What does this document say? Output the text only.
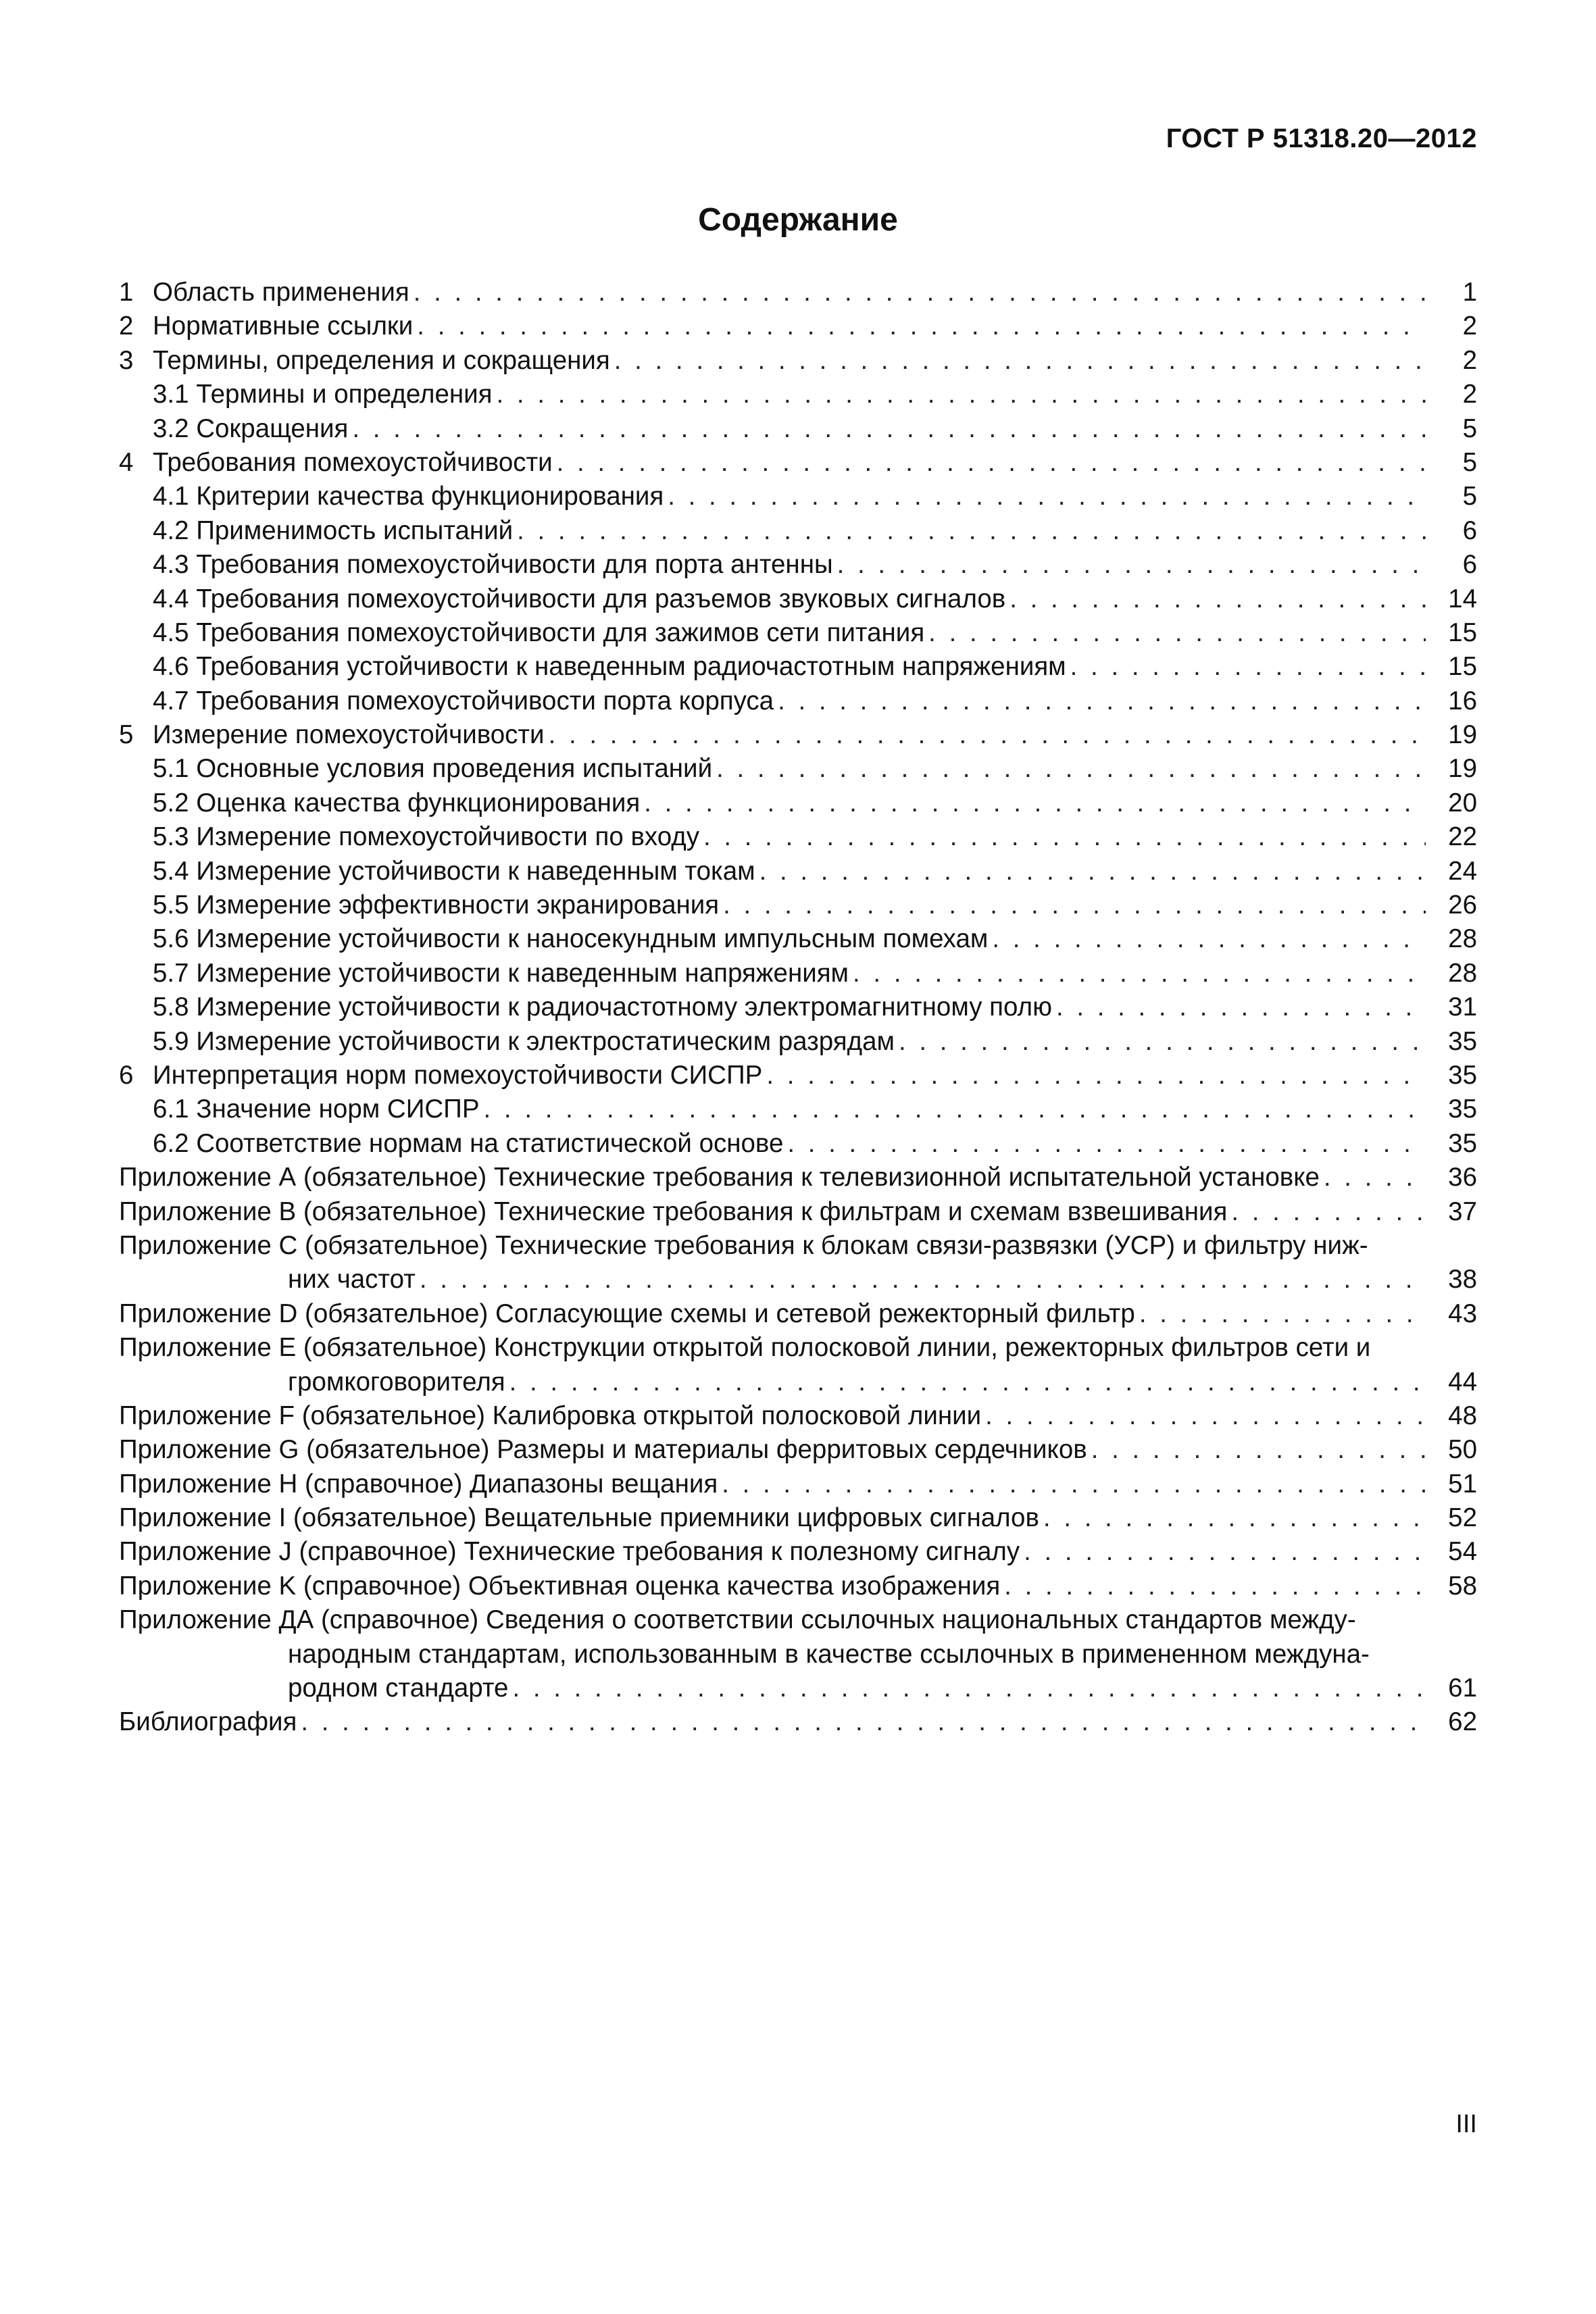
ГОСТ Р 51318.20—2012
Содержание
1 Область применения . . .	1
2 Нормативные ссылки . . .	2
3 Термины, определения и сокращения . . .	2
3.1 Термины и определения . . .	2
3.2 Сокращения . . .	5
4 Требования помехоустойчивости . . .	5
4.1 Критерии качества функционирования . . .	5
4.2 Применимость испытаний . . .	6
4.3 Требования помехоустойчивости для порта антенны . . .	6
4.4 Требования помехоустойчивости для разъемов звуковых сигналов . . .	14
4.5 Требования помехоустойчивости для зажимов сети питания . . .	15
4.6 Требования устойчивости к наведенным радиочастотным напряжениям . . .	15
4.7 Требования помехоустойчивости порта корпуса . . .	16
5 Измерение помехоустойчивости . . .	19
5.1 Основные условия проведения испытаний . . .	19
5.2 Оценка качества функционирования . . .	20
5.3 Измерение помехоустойчивости по входу . . .	22
5.4 Измерение устойчивости к наведенным токам . . .	24
5.5 Измерение эффективности экранирования . . .	26
5.6 Измерение устойчивости к наносекундным импульсным помехам . . .	28
5.7 Измерение устойчивости к наведенным напряжениям . . .	28
5.8 Измерение устойчивости к радиочастотному электромагнитному полю . . .	31
5.9 Измерение устойчивости к электростатическим разрядам . . .	35
6 Интерпретация норм помехоустойчивости СИСПР . . .	35
6.1 Значение норм СИСПР . . .	35
6.2 Соответствие нормам на статистической основе . . .	35
Приложение А (обязательное) Технические требования к телевизионной испытательной установке . . .	36
Приложение В (обязательное) Технические требования к фильтрам и схемам взвешивания . . .	37
Приложение С (обязательное) Технические требования к блокам связи-развязки (УСР) и фильтру ниж-
них частот . . .	38
Приложение D (обязательное) Согласующие схемы и сетевой режекторный фильтр . . .	43
Приложение Е (обязательное) Конструкции открытой полосковой линии, режекторных фильтров сети и
громкоговорителя . . .	44
Приложение F (обязательное) Калибровка открытой полосковой линии . . .	48
Приложение G (обязательное) Размеры и материалы ферритовых сердечников . . .	50
Приложение Н (справочное) Диапазоны вещания . . .	51
Приложение I (обязательное) Вещательные приемники цифровых сигналов . . .	52
Приложение J (справочное) Технические требования к полезному сигналу . . .	54
Приложение K (справочное) Объективная оценка качества изображения . . .	58
Приложение ДА (справочное) Сведения о соответствии ссылочных национальных стандартов между-
народным стандартам, использованным в качестве ссылочных в примененном междуна-
родном стандарте . . .	61
Библиография . . .	62
III
